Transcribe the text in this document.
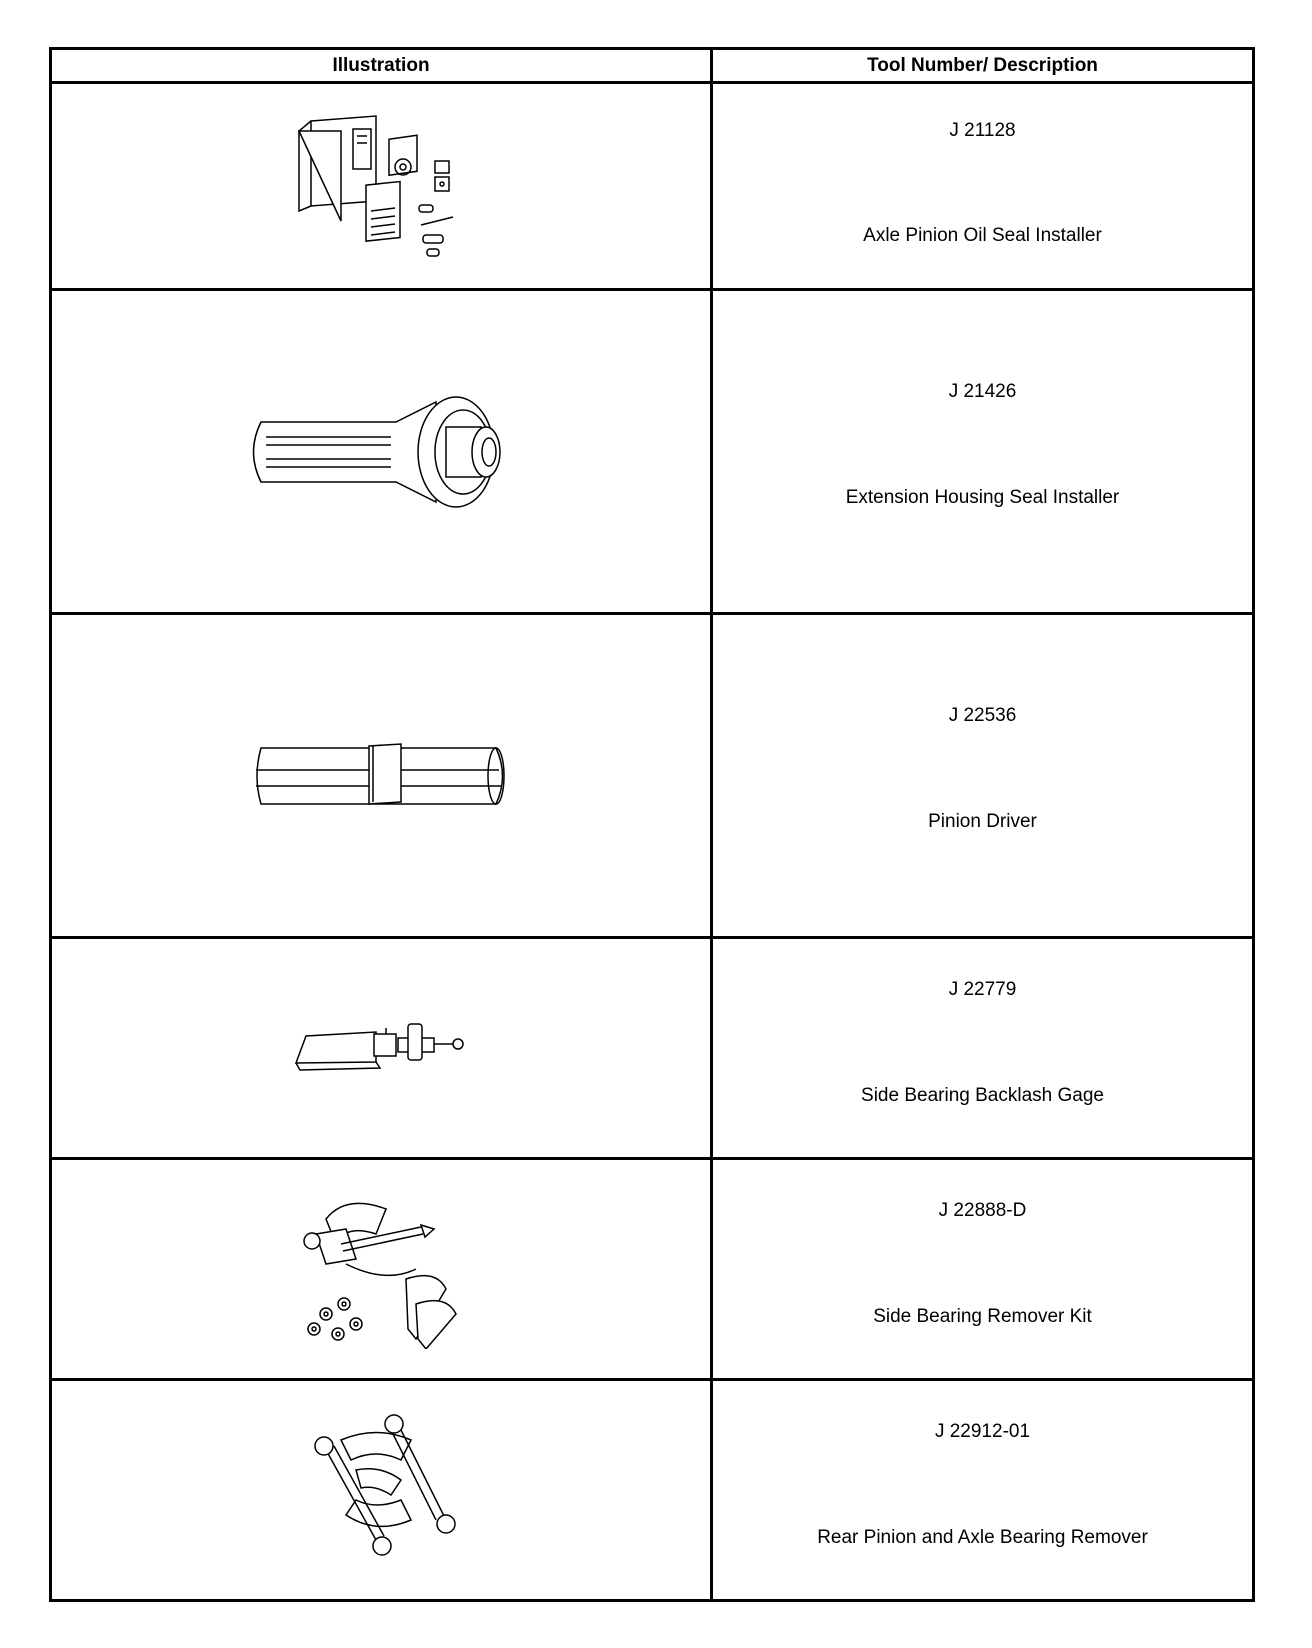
Illustration	Tool Number/ Description

J 21128
Axle Pinion Oil Seal Installer

J 21426
Extension Housing Seal Installer

J 22536
Pinion Driver

J 22779
Side Bearing Backlash Gage

J 22888-D
Side Bearing Remover Kit

J 22912-01
Rear Pinion and Axle Bearing Remover
